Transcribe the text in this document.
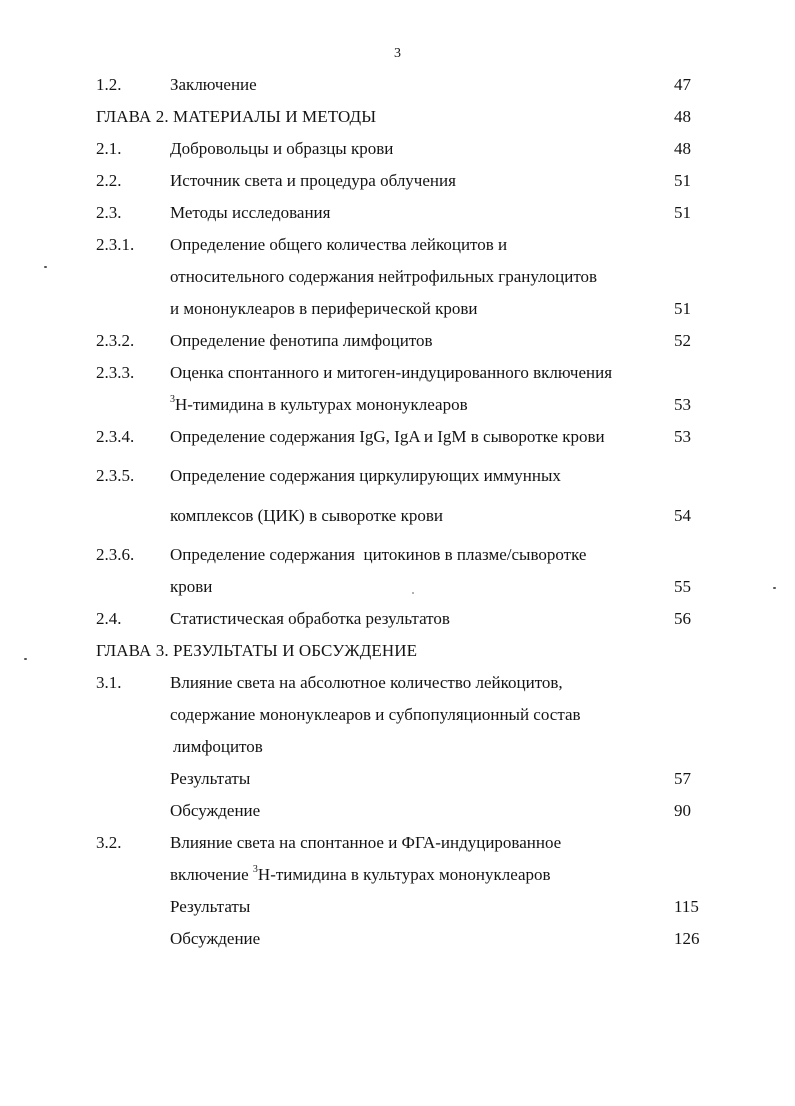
3
1.2.	Заключение	47
ГЛАВА 2. МАТЕРИАЛЫ И МЕТОДЫ	48
2.1.	Добровольцы и образцы крови	48
2.2.	Источник света и процедура облучения	51
2.3.	Методы исследования	51
2.3.1. Определение общего количества лейкоцитов и
относительного содержания нейтрофильных гранулоцитов
и мононуклеаров в периферической крови	51
2.3.2. Определение фенотипа лимфоцитов	52
2.3.3. Оценка спонтанного и митоген-индуцированного включения
$^3$Н-тимидина в культурах мононуклеаров	53
2.3.4. Определение содержания IgG, IgA и IgM в сыворотке крови	53
2.3.5. Определение содержания циркулирующих иммунных
комплексов (ЦИК) в сыворотке крови	54
2.3.6. Определение содержания  цитокинов в плазме/сыворотке
крови	55
2.4.	Статистическая обработка результатов	56
ГЛАВА 3. РЕЗУЛЬТАТЫ И ОБСУЖДЕНИЕ
3.1.	Влияние света на абсолютное количество лейкоцитов,
содержание мононуклеаров и субпопуляционный состав
лимфоцитов
Результаты	57
Обсуждение	90
3.2.	Влияние света на спонтанное и ФГА-индуцированное
включение $^3$Н-тимидина в культурах мононуклеаров
Результаты	115
Обсуждение	126
